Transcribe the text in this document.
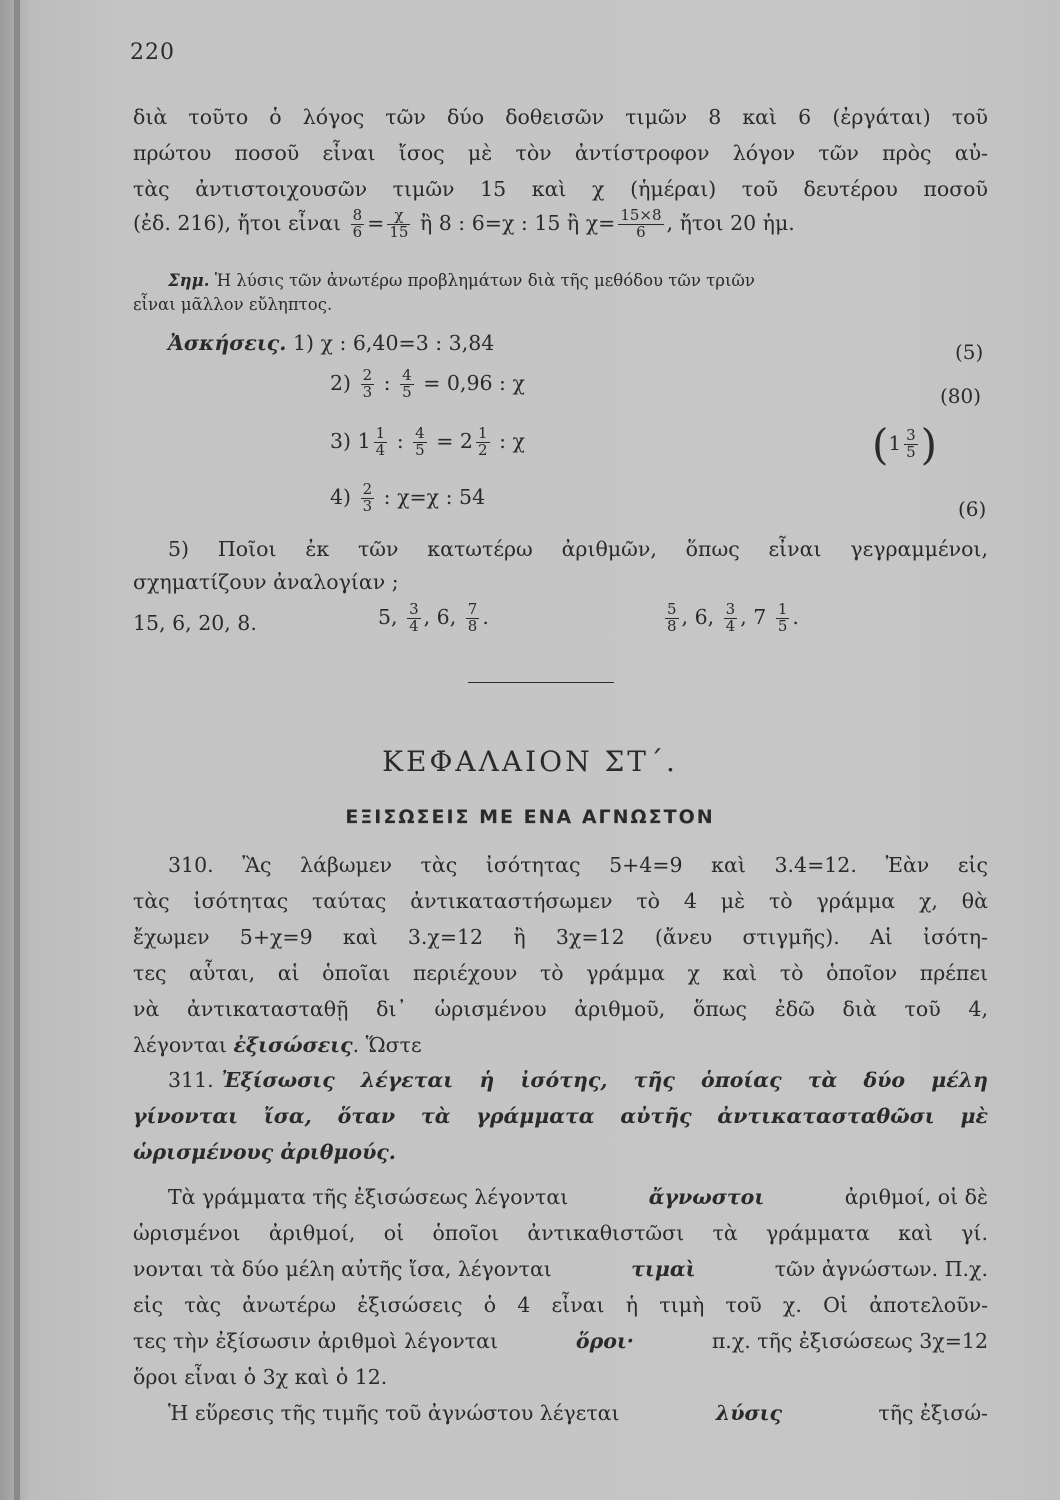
220
διὰ τοῦτο ὁ λόγος τῶν δύο δοθεισῶν τιμῶν 8 καὶ 6 (ἐργάται) τοῦ
πρώτου ποσοῦ εἶναι ἴσος μὲ τὸν ἀντίστροφον λόγον τῶν πρὸς αὐ-
τὰς ἀντιστοιχουσῶν τιμῶν 15 καὶ χ (ἡμέραι) τοῦ δευτέρου ποσοῦ
(ἐδ. 216), ἤτοι εἶναι $\frac{8}{6} = \frac{\chi}{15}$ ἢ 8 : 6=χ : 15 ἢ $\chi= \frac{15\times 8}{6}$ , ἤτοι 20 ἡμ.
Σημ. Ἡ λύσις τῶν ἀνωτέρω προβλημάτων διὰ τῆς μεθόδου τῶν τριῶν
εἶναι μᾶλλον εὔληπτος.
Ἀσκήσεις. 1) χ : 6,40=3 : 3,84	(5)
$2) \frac{2}{3}$ : $\frac{4}{5} = 0,96$ : χ
(80)
3) $1 \frac{1}{4}$ : $\frac{4}{5} = 2 \frac{1}{2}$ : χ	($1 \frac{3}{5}$ )
$4) \frac{2}{3}$ : χ=χ : 54
(6)
5) Ποῖοι ἐκ τῶν κατωτέρω ἀριθμῶν, ὅπως εἶναι γεγραμμένοι,
σχηματίζουν ἀναλογίαν ;
15, 6, 20, 8.	5, $\frac{3}{4}$ , 6, $\frac{7}{8}$ .	$\frac{5}{8}$ , 6, $\frac{3}{4}$ , $7 \frac{1}{5}$ .
ΚΕΦΑΛΑΙΟΝ ΣΤ΄.
ΕΞΙΣΩΣΕΙΣ ΜΕ ΕΝΑ ΑΓΝΩΣΤΟΝ
310. Ἂς λάβωμεν τὰς ἰσότητας 5+4=9 καὶ 3.4=12. Ἐὰν εἰς
τὰς ἰσότητας ταύτας ἀντικαταστήσωμεν τὸ 4 μὲ τὸ γράμμα χ, θὰ
ἔχωμεν 5+χ=9 καὶ 3.χ=12 ἢ 3χ=12 (ἄνευ στιγμῆς). Αἱ ἰσότη-
τες αὗται, αἱ ὁποῖαι περιέχουν τὸ γράμμα χ καὶ τὸ ὁποῖον πρέπει
νὰ ἀντικατασταθῇ δι᾽ ὡρισμένου ἀριθμοῦ, ὅπως ἐδῶ διὰ τοῦ 4,
λέγονται ἐξισώσεις. Ὥστε
311. Ἐξίσωσις λέγεται ἡ ἰσότης, τῆς ὁποίας τὰ δύο μέλη
γίνονται ἴσα, ὅταν τὰ γράμματα αὐτῆς ἀντικατασταθῶσι μὲ
ὡρισμένους ἀριθμούς.
Τὰ γράμματα τῆς ἐξισώσεως λέγονται	ἄγνωστοι	ἀριθμοί, οἱ δὲ
ὡρισμένοι ἀριθμοί, οἱ ὁποῖοι ἀντικαθιστῶσι τὰ γράμματα καὶ γί.
νονται τὰ δύο μέλη αὐτῆς ἴσα, λέγονται	τιμαὶ	τῶν ἀγνώστων. Π.χ.
εἰς τὰς ἀνωτέρω ἐξισώσεις ὁ 4 εἶναι ἡ τιμὴ τοῦ χ. Οἱ ἀποτελοῦν-
τες τὴν ἐξίσωσιν ἀριθμοὶ λέγονται	ὅροι·	π.χ. τῆς ἐξισώσεως 3χ=12
ὅροι εἶναι ὁ 3χ καὶ ὁ 12.
Ἡ εὕρεσις τῆς τιμῆς τοῦ ἀγνώστου λέγεται	λύσις	τῆς ἐξισώ-
